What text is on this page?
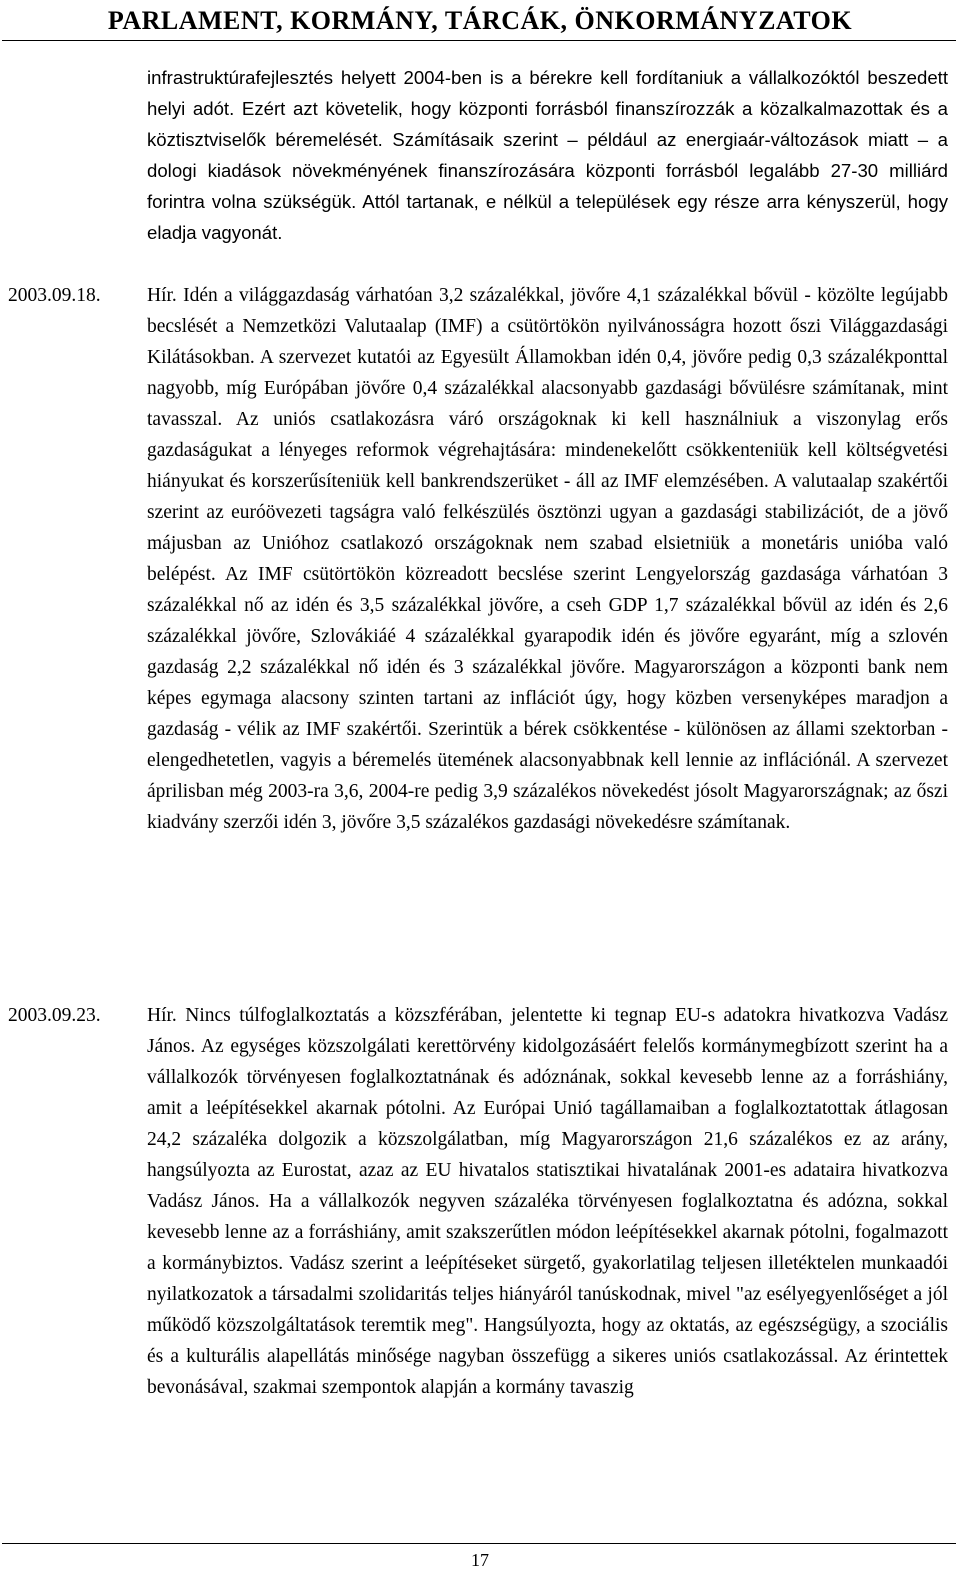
PARLAMENT, KORMÁNY, TÁRCÁK, ÖNKORMÁNYZATOK
infrastruktúrafejlesztés helyett 2004-ben is a bérekre kell fordítaniuk a vállalkozóktól beszedett helyi adót. Ezért azt követelik, hogy központi forrásból finanszírozzák a közalkalmazottak és a köztisztviselők béremelését. Számításaik szerint – például az energiaár-változások miatt – a dologi kiadások növekményének finanszírozására központi forrásból legalább 27-30 milliárd forintra volna szükségük. Attól tartanak, e nélkül a települések egy része arra kényszerül, hogy eladja vagyonát.
2003.09.18.	Hír. Idén a világgazdaság várhatóan 3,2 százalékkal, jövőre 4,1 százalékkal bővül - közölte legújabb becslését a Nemzetközi Valutaalap (IMF) a csütörtökön nyilvánosságra hozott őszi Világgazdasági Kilátásokban. A szervezet kutatói az Egyesült Államokban idén 0,4, jövőre pedig 0,3 százalékponttal nagyobb, míg Európában jövőre 0,4 százalékkal alacsonyabb gazdasági bővülésre számítanak, mint tavasszal. Az uniós csatlakozásra váró országoknak ki kell használniuk a viszonylag erős gazdaságukat a lényeges reformok végrehajtására: mindenekelőtt csökkenteniük kell költségvetési hiányukat és korszerűsíteniük kell bankrendszerüket - áll az IMF elemzésében. A valutaalap szakértői szerint az euróövezeti tagságra való felkészülés ösztönzi ugyan a gazdasági stabilizációt, de a jövő májusban az Unióhoz csatlakozó országoknak nem szabad elsietniük a monetáris unióba való belépést. Az IMF csütörtökön közreadott becslése szerint Lengyelország gazdasága várhatóan 3 százalékkal nő az idén és 3,5 százalékkal jövőre, a cseh GDP 1,7 százalékkal bővül az idén és 2,6 százalékkal jövőre, Szlovákiáé 4 százalékkal gyarapodik idén és jövőre egyaránt, míg a szlovén gazdaság 2,2 százalékkal nő idén és 3 százalékkal jövőre. Magyarországon a központi bank nem képes egymaga alacsony szinten tartani az inflációt úgy, hogy közben versenyképes maradjon a gazdaság - vélik az IMF szakértői. Szerintük a bérek csökkentése - különösen az állami szektorban - elengedhetetlen, vagyis a béremelés ütemének alacsonyabbnak kell lennie az inflációnál. A szervezet áprilisban még 2003-ra 3,6, 2004-re pedig 3,9 százalékos növekedést jósolt Magyarországnak; az őszi kiadvány szerzői idén 3, jövőre 3,5 százalékos gazdasági növekedésre számítanak.
2003.09.23.	Hír. Nincs túlfoglalkoztatás a közszférában, jelentette ki tegnap EU-s adatokra hivatkozva Vadász János. Az egységes közszolgálati kerettörvény kidolgozásáért felelős kormánymegbízott szerint ha a vállalkozók törvényesen foglalkoztatnának és adóznának, sokkal kevesebb lenne az a forráshiány, amit a leépítésekkel akarnak pótolni. Az Európai Unió tagállamaiban a foglalkoztatottak átlagosan 24,2 százaléka dolgozik a közszolgálatban, míg Magyarországon 21,6 százalékos ez az arány, hangsúlyozta az Eurostat, azaz az EU hivatalos statisztikai hivatalának 2001-es adataira hivatkozva Vadász János. Ha a vállalkozók negyven százaléka törvényesen foglalkoztatna és adózna, sokkal kevesebb lenne az a forráshiány, amit szakszerűtlen módon leépítésekkel akarnak pótolni, fogalmazott a kormánybiztos. Vadász szerint a leépítéseket sürgető, gyakorlatilag teljesen illetéktelen munkaadói nyilatkozatok a társadalmi szolidaritás teljes hiányáról tanúskodnak, mivel "az esélyegyenlőséget a jól működő közszolgáltatások teremtik meg". Hangsúlyozta, hogy az oktatás, az egészségügy, a szociális és a kulturális alapellátás minősége nagyban összefügg a sikeres uniós csatlakozással. Az érintettek bevonásával, szakmai szempontok alapján a kormány tavaszig
17
